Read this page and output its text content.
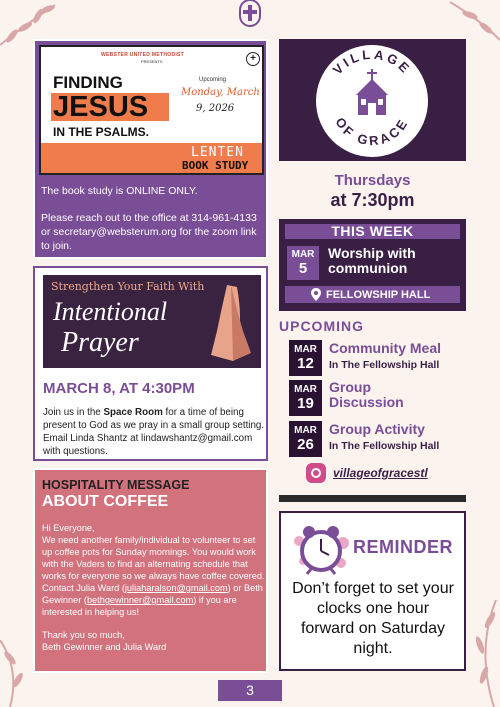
WEBSTER UNITED METHODIST
PRESENTS	+
FINDING
JESUS
IN THE PSALMS.
Upcoming
Monday, March
9, 2026
LENTEN
BOOK STUDY

The book study is ONLINE ONLY.

Please reach out to the office at 314-961-4133 or secretary@websterum.org for the zoom link to join.

Strengthen Your Faith With
Intentional
Prayer
MARCH 8, AT 4:30PM

Join us in the Space Room for a time of being present to God as we pray in a small group setting. Email Linda Shantz at lindawshantz@gmail.com with questions.

HOSPITALITY MESSAGE
ABOUT COFFEE

Hi Everyone,

We need another family/individual to volunteer to set up coffee pots for Sunday mornings. You would work with the Vaders to find an alternating schedule that works for everyone so we always have coffee covered. Contact Julia Ward (juliaharalson@gmail.com) or Beth Gewinner (bethgewinner@gmail.com) if you are interested in helping us!

Thank you so much,

Beth Gewinner and Julia Ward

VILLAGE
OF GRACE
Thursdays
at 7:30pm
THIS WEEK
MAR
5
Worship with communion
FELLOWSHIP HALL
UPCOMING
MAR
12
Community Meal
In The Fellowship Hall
MAR
19
Group Discussion
MAR
26
Group Activity
In The Fellowship Hall
villageofgracestl
REMINDER
Don’t forget to set your clocks one hour forward on Saturday night.
3
